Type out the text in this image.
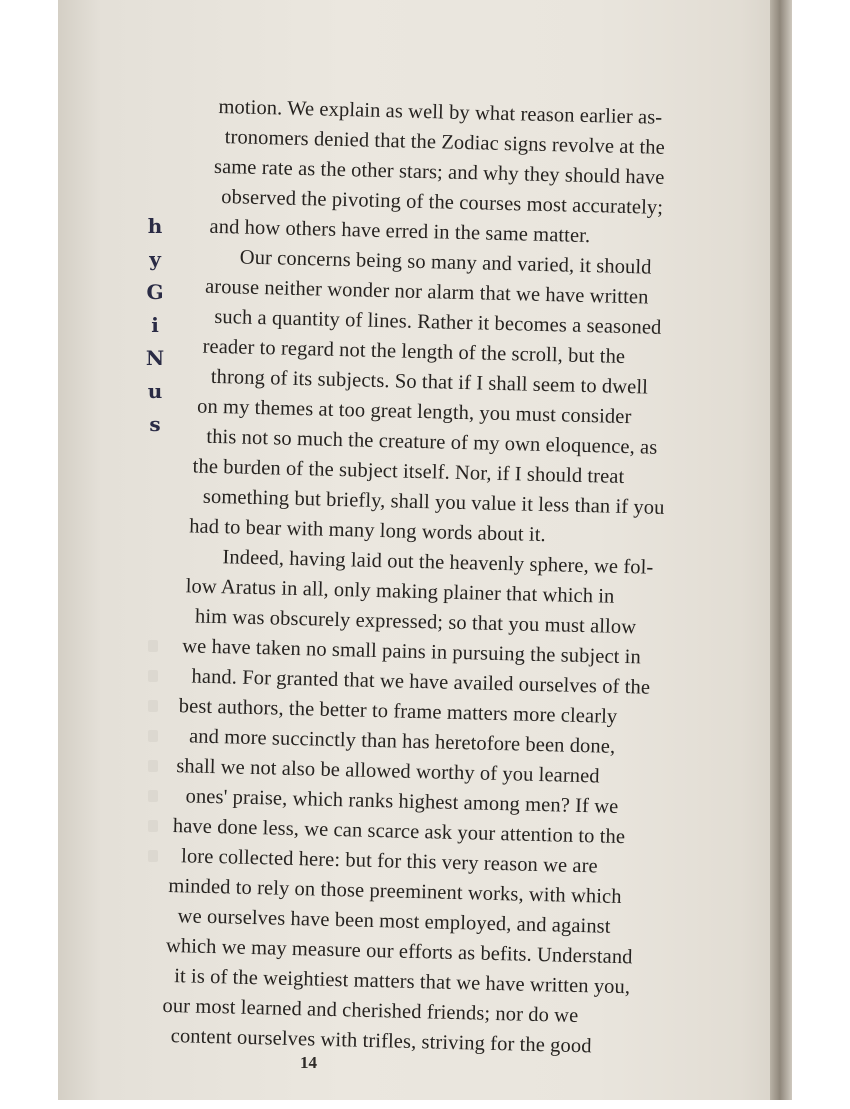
h
y
G
i
N
u
s
motion. We explain as well by what reason earlier as-
tronomers denied that the Zodiac signs revolve at the
same rate as the other stars; and why they should have
observed the pivoting of the courses most accurately;
and how others have erred in the same matter.
Our concerns being so many and varied, it should
arouse neither wonder nor alarm that we have written
such a quantity of lines. Rather it becomes a seasoned
reader to regard not the length of the scroll, but the
throng of its subjects. So that if I shall seem to dwell
on my themes at too great length, you must consider
this not so much the creature of my own eloquence, as
the burden of the subject itself. Nor, if I should treat
something but briefly, shall you value it less than if you
had to bear with many long words about it.
Indeed, having laid out the heavenly sphere, we fol-
low Aratus in all, only making plainer that which in
him was obscurely expressed; so that you must allow
we have taken no small pains in pursuing the subject in
hand. For granted that we have availed ourselves of the
best authors, the better to frame matters more clearly
and more succinctly than has heretofore been done,
shall we not also be allowed worthy of you learned
ones' praise, which ranks highest among men? If we
have done less, we can scarce ask your attention to the
lore collected here: but for this very reason we are
minded to rely on those preeminent works, with which
we ourselves have been most employed, and against
which we may measure our efforts as befits. Understand
it is of the weightiest matters that we have written you,
our most learned and cherished friends; nor do we
content ourselves with trifles, striving for the good
14
